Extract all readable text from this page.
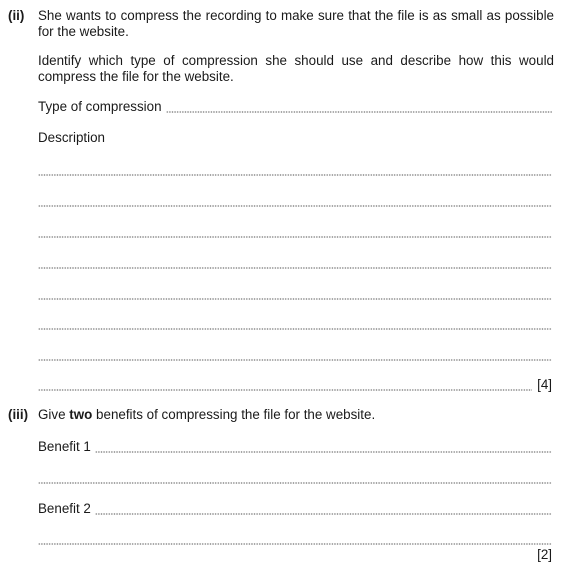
(ii) She wants to compress the recording to make sure that the file is as small as possible for the website.
Identify which type of compression she should use and describe how this would compress the file for the website.
Type of compression
Description
[4]
(iii) Give two benefits of compressing the file for the website.
Benefit 1
Benefit 2
[2]
